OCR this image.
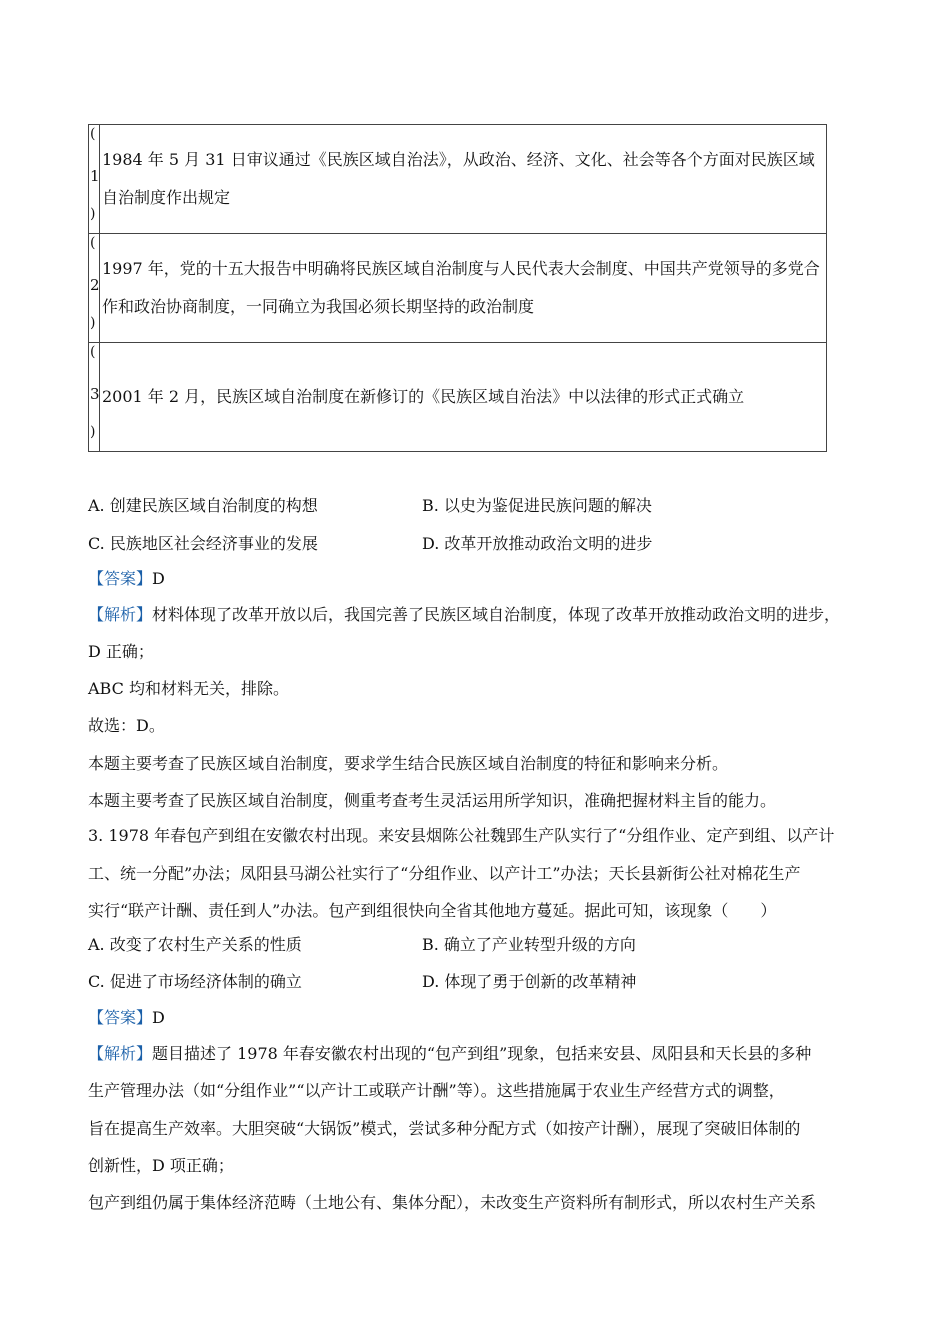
(
1
)	1984 年 5 月 31 日审议通过《民族区域自治法》，从政治、经济、文化、社会等各个方面对民族区域自治制度作出规定

(
2
)	1997 年，党的十五大报告中明确将民族区域自治制度与人民代表大会制度、中国共产党领导的多党合作和政治协商制度，一同确立为我国必须长期坚持的政治制度

(
3
)	2001 年 2 月，民族区域自治制度在新修订的《民族区域自治法》中以法律的形式正式确立
A. 创建民族区域自治制度的构想	B. 以史为鉴促进民族问题的解决
C. 民族地区社会经济事业的发展	D. 改革开放推动政治文明的进步
【答案】D
【解析】材料体现了改革开放以后，我国完善了民族区域自治制度，体现了改革开放推动政治文明的进步，
D 正确；
ABC 均和材料无关，排除。
故选：D。
本题主要考查了民族区域自治制度，要求学生结合民族区域自治制度的特征和影响来分析。
本题主要考查了民族区域自治制度，侧重考查考生灵活运用所学知识，准确把握材料主旨的能力。
3. 1978 年春包产到组在安徽农村出现。来安县烟陈公社魏郢生产队实行了“分组作业、定产到组、以产计
工、统一分配”办法；凤阳县马湖公社实行了“分组作业、以产计工”办法；天长县新街公社对棉花生产
实行“联产计酬、责任到人”办法。包产到组很快向全省其他地方蔓延。据此可知，该现象（　　）
A. 改变了农村生产关系的性质	B. 确立了产业转型升级的方向
C. 促进了市场经济体制的确立	D. 体现了勇于创新的改革精神
【答案】D
【解析】题目描述了 1978 年春安徽农村出现的“包产到组”现象，包括来安县、凤阳县和天长县的多种
生产管理办法（如“分组作业”“以产计工或联产计酬”等）。这些措施属于农业生产经营方式的调整，
旨在提高生产效率。大胆突破“大锅饭”模式，尝试多种分配方式（如按产计酬），展现了突破旧体制的
创新性，D 项正确；
包产到组仍属于集体经济范畴（土地公有、集体分配），未改变生产资料所有制形式，所以农村生产关系
